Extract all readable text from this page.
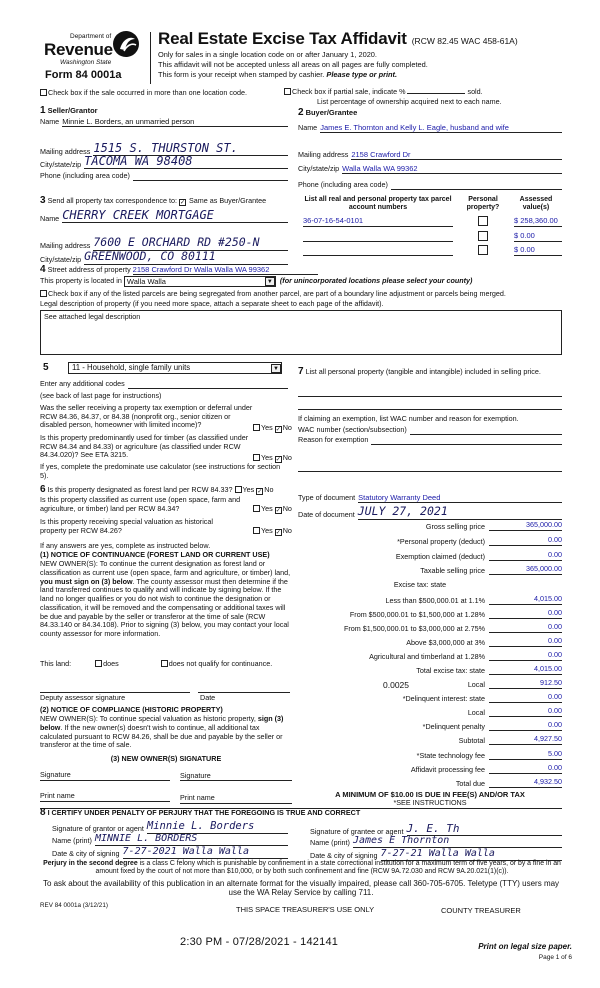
Department of
Revenue
Washington State
Form 84 0001a
Real Estate Excise Tax Affidavit (RCW 82.45 WAC 458-61A)
Only for sales in a single location code on or after January 1, 2020.
This affidavit will not be accepted unless all areas on all pages are fully completed.
This form is your receipt when stamped by cashier. Please type or print.
Check box if the sale occurred in more than one location code.	Check box if partial sale, indicate %	sold.
List percentage of ownership acquired next to each name.
1 Seller/Grantor
Name Minnie L. Borders, an unmarried person
Mailing address 1515 S. THURSTON ST.
City/state/zip TACOMA WA 98408
Phone (including area code)
2 Buyer/Grantee
Name James E. Thornton and Kelly L. Eagle, husband and wife
Mailing address 2158 Crawford Dr
City/state/zip Walla Walla WA 99362
Phone (including area code)
3 Send all property tax correspondence to: ✓ Same as Buyer/Grantee
Name CHERRY CREEK MORTGAGE
Mailing address 7600 E ORCHARD RD #250-N
City/state/zip GREENWOOD, CO 80111
List all real and personal property tax parcel account numbers
Personal property?
Assessed value(s)
36-07-16-54-0101	$ 258,360.00
$ 0.00
$ 0.00
4 Street address of property 2158 Crawford Dr Walla Walla WA 99362
This property is located in Walla Walla	▼ (for unincorporated locations please select your county)
Check box if any of the listed parcels are being segregated from another parcel, are part of a boundary line adjustment or parcels being merged.
Legal description of property (if you need more space, attach a separate sheet to each page of the affidavit).
See attached legal description
5	11 - Household, single family units	▼
Enter any additional codes
(see back of last page for instructions)
Was the seller receiving a property tax exemption or deferral under RCW 84.36, 84.37, or 84.38 (nonprofit org., senior citizen or disabled person, homeowner with limited income)?	Yes ✓ No
Is this property predominantly used for timber (as classified under RCW 84.34 and 84.33) or agriculture (as classified under RCW 84.34.020)? See ETA 3215.	Yes ✓ No
If yes, complete the predominate use calculator (see instructions for section 5).
7 List all personal property (tangible and intangible) included in selling price.
If claiming an exemption, list WAC number and reason for exemption.
WAC number (section/subsection)
Reason for exemption
Type of document Statutory Warranty Deed
Date of document JULY 27, 2021
Gross selling price	365,000.00
*Personal property (deduct)	0.00
Exemption claimed (deduct)	0.00
Taxable selling price	365,000.00
Excise tax: state
Less than $500,000.01 at 1.1%	4,015.00
From $500,000.01 to $1,500,000 at 1.28%	0.00
From $1,500,000.01 to $3,000,000 at 2.75%	0.00
Above $3,000,000 at 3%	0.00
Agricultural and timberland at 1.28%	0.00
Total excise tax: state	4,015.00
0.0025	Local	912.50
*Delinquent interest: state	0.00
Local	0.00
*Delinquent penalty	0.00
Subtotal	4,927.50
*State technology fee	5.00
Affidavit processing fee	0.00
Total due	4,932.50
A MINIMUM OF $10.00 IS DUE IN FEE(S) AND/OR TAX
*SEE INSTRUCTIONS
6 Is this property designated as forest land per RCW 84.33? Yes ✓ No
Is this property classified as current use (open space, farm and agriculture, or timber) land per RCW 84.34?	Yes ✓ No
Is this property receiving special valuation as historical property per RCW 84.26?	Yes ✓ No
If any answers are yes, complete as instructed below.
(1) NOTICE OF CONTINUANCE (FOREST LAND OR CURRENT USE)
NEW OWNER(S): To continue the current designation as forest land or classification as current use (open space, farm and agriculture, or timber) land, you must sign on (3) below. The county assessor must then determine if the land transferred continues to qualify and will indicate by signing below. If the land no longer qualifies or you do not wish to continue the designation or classification, it will be removed and the compensating or additional taxes will be due and payable by the seller or transferor at the time of sale (RCW 84.33.140 or 84.34.108). Prior to signing (3) below, you may contact your local county assessor for more information.
This land:	does	does not qualify for continuance.
Deputy assessor signature	Date
(2) NOTICE OF COMPLIANCE (HISTORIC PROPERTY)
NEW OWNER(S): To continue special valuation as historic property, sign (3) below. If the new owner(s) doesn't wish to continue, all additional tax calculated pursuant to RCW 84.26, shall be due and payable by the seller or transferor at the time of sale.
(3) NEW OWNER(S) SIGNATURE
Signature	Signature
Print name	Print name
8 I CERTIFY UNDER PENALTY OF PERJURY THAT THE FOREGOING IS TRUE AND CORRECT
Signature of grantor or agent Minnie L. Borders
Name (print) MINNIE L. BORDERS
Date & city of signing 7-27-2021 Walla Walla
Signature of grantee or agent J. E. Th
Name (print) James E Thornton
Date & city of signing 7-27-21 Walla Walla
Perjury in the second degree is a class C felony which is punishable by confinement in a state correctional institution for a maximum term of five years, or by a fine in an amount fixed by the court of not more than $10,000, or by both such confinement and fine (RCW 9A.72.030 and RCW 9A.20.021(1)(c)).
To ask about the availability of this publication in an alternate format for the visually impaired, please call 360-705-6705. Teletype (TTY) users may use the WA Relay Service by calling 711.
REV 84 0001a (3/12/21)	THIS SPACE TREASURER'S USE ONLY	COUNTY TREASURER
2:30 PM - 07/28/2021 - 142141	Print on legal size paper.
Page 1 of 6
